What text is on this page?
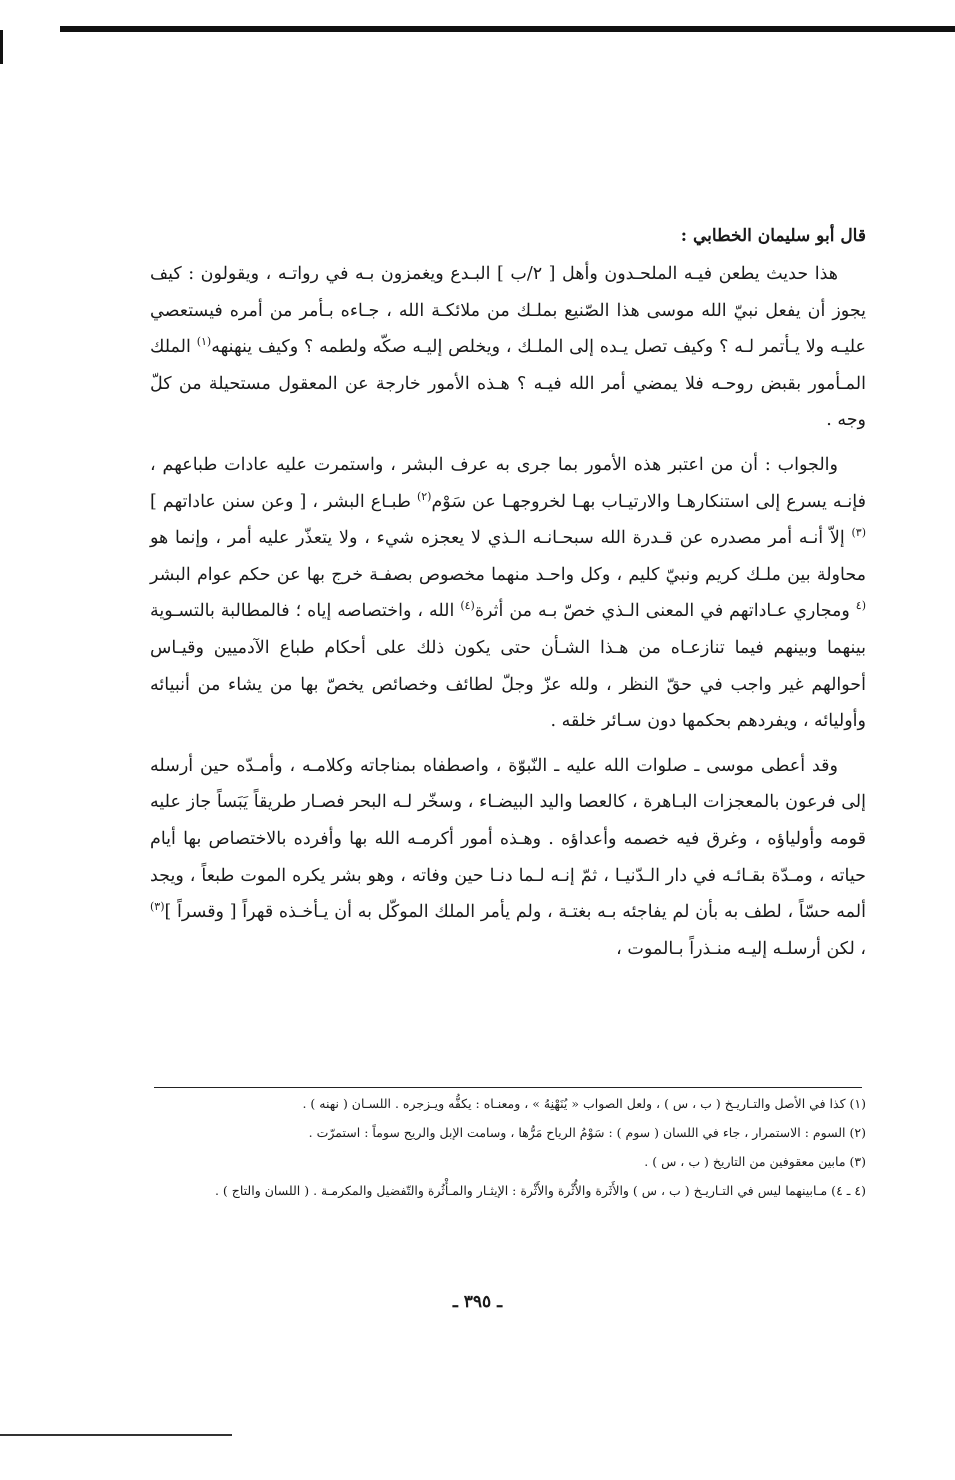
قال أبو سليمان الخطابي :

هذا حديث يطعن فيـه الملحـدون وأهل [ ٢/ب ] البـدع ويغمزون بـه في رواتـه ، ويقولون : كيف يجوز أن يفعل نبيّ الله موسى هذا الصّنيع بملـك من ملائكـة الله ، جـاءه بـأمر من أمره فيستعصي عليـه ولا يـأتمر لـه ؟ وكيف تصل يـده إلى الملـك ، ويخلص إليـه صكّه ولطمه ؟ وكيف ينهنهه$^{(١)}$ الملك المـأمور بقبض روحـه فلا يمضي أمر الله فيـه ؟ هـذه الأمور خارجة عن المعقول مستحيلة من كلّ وجه .

والجواب : أن من اعتبر هذه الأمور بما جرى به عرف البشر ، واستمرت عليه عادات طباعهم ، فإنـه يسرع إلى استنكارهـا والارتيـاب بهـا لخروجهـا عن سَوْم$^{(٢)}$ طبـاع البشر ، [ وعن سنن عاداتهم ]$^{(٣)}$ إلاّ أنـه أمر مصدره عن قـدرة الله سبحـانـه الـذي لا يعجزه شيء ، ولا يتعذّر عليه أمر ، وإنما هو محاولة بين ملـك كريم ونبيّ كليم ، وكل واحـد منهما مخصوص بصفـة خرج بها عن حكم عوام البشر $^{(٤}$ ومجاري عـاداتهم في المعنى الـذي خصّ بـه من أثرة$^{(٤)}$ الله ، واختصاصه إياه ؛ فالمطالبة بالتسـوية بينهما وبينهم فيما تنازعـاه من هـذا الشـأن حتى يكون ذلك على أحكام طباع الآدميين وقيـاس أحوالهم غير واجب في حقّ النظر ، ولله عزّ وجلّ لطائف وخصائص يخصّ بها من يشاء من أنبيائه وأوليائه ، ويفردهم بحكمها دون سـائر خلقه .

وقد أعطى موسى ـ صلوات الله عليه ـ النّبوّة ، واصطفاه بمناجاته وكلامـه ، وأمـدّه حين أرسله إلى فرعون بالمعجزات البـاهرة ، كالعصا واليد البيضـاء ، وسخّر لـه البحر فصـار طريقاً يَبَساً جاز عليه قومه وأولياؤه ، وغرق فيه خصمه وأعداؤه . وهـذه أمور أكرمـه الله بها وأفرده بالاختصاص بها أيام حياته ، ومـدّة بقـائـه في دار الـدّنيـا ، ثمّ إنـه لـما دنـا حين وفاته ، وهو بشر يكره الموت طبعاً ، ويجد ألمه حسّاً ، لطف به بأن لم يفاجئه بـه بغتـة ، ولم يأمر الملك الموكّل به أن يـأخـذه قهراً [ وقسراً ]$^{(٣)}$ ، لكن أرسلـه إليـه منـذراً بـالموت ،

(١) كذا في الأصل والتـاريـخ ( ب ، س ) ، ولعل الصواب « يُنَهْنِهُ » ، ومعنـاه : يكفُّه ويـزجره . اللسـان ( نهنه ) .

(٢) السوم : الاستمرار ، جاء في اللسان ( سوم ) : سَوْمُ الرياح مَرُّها ، وسامت الإبل والريح سوماً : استمرّت .

(٣) مابين معقوفين من التاريخ ( ب ، س ) .

(٤ ـ ٤) مـابينهما ليس في التـاريـخ ( ب ، س ) والأَثَرة والأُثْرة والأَثْرة : الإيثـار والمـأْثُرة والتّفضيل والمكرمـة . ( اللسان والتاج ) .

ـ ٣٩٥ ـ
